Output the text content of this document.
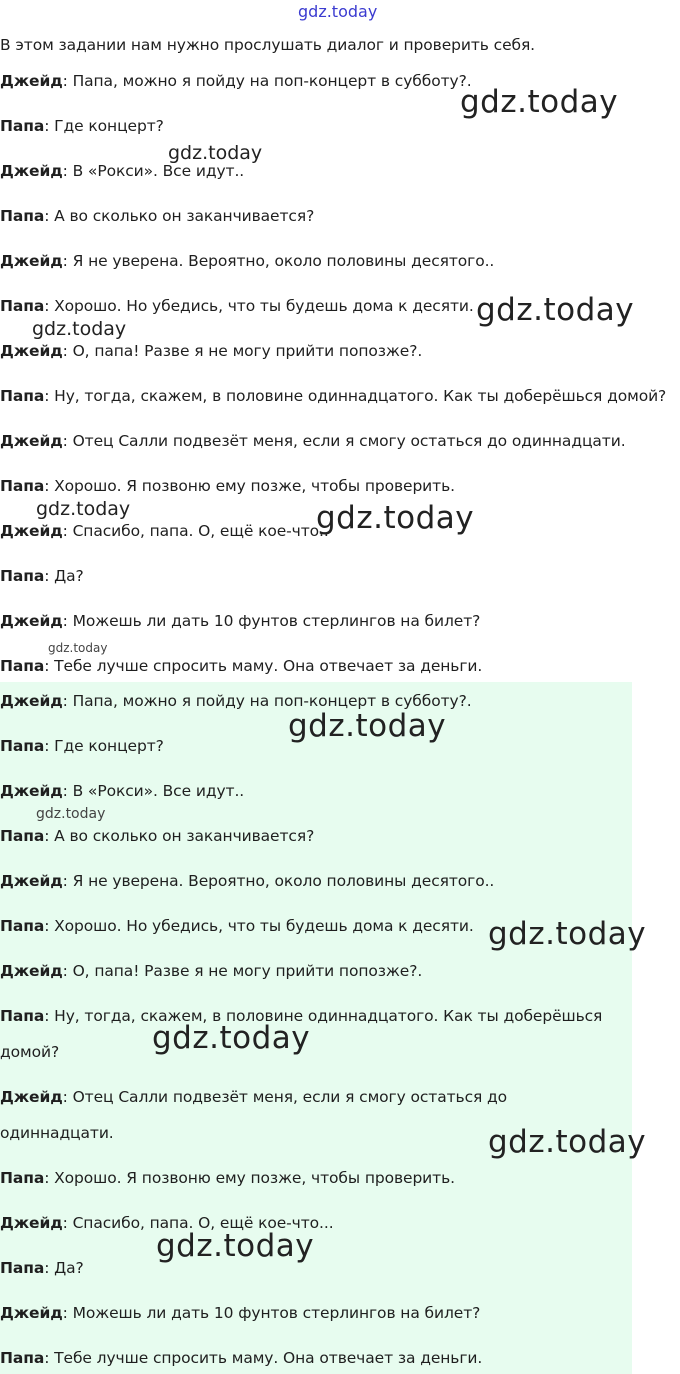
gdz.today
В этом задании нам нужно прослушать диалог и проверить себя.
Джейд: Папа, можно я пойду на поп-концерт в субботу?.
Папа: Где концерт?
Джейд: В «Рокси». Все идут..
Папа: А во сколько он заканчивается?
Джейд: Я не уверена. Вероятно, около половины десятого..
Папа: Хорошо. Но убедись, что ты будешь дома к десяти.
Джейд: О, папа! Разве я не могу прийти попозже?.
Папа: Ну, тогда, скажем, в половине одиннадцатого. Как ты доберёшься домой?
Джейд: Отец Салли подвезёт меня, если я смогу остаться до одиннадцати.
Папа: Хорошо. Я позвоню ему позже, чтобы проверить.
Джейд: Спасибо, папа. О, ещё кое-что..
Папа: Да?
Джейд: Можешь ли дать 10 фунтов стерлингов на билет?
Папа: Тебе лучше спросить маму. Она отвечает за деньги.
Джейд: Папа, можно я пойду на поп-концерт в субботу?.
Папа: Где концерт?
Джейд: В «Рокси». Все идут..
Папа: А во сколько он заканчивается?
Джейд: Я не уверена. Вероятно, около половины десятого..
Папа: Хорошо. Но убедись, что ты будешь дома к десяти.
Джейд: О, папа! Разве я не могу прийти попозже?.
Папа: Ну, тогда, скажем, в половине одиннадцатого. Как ты доберёшься домой?
Джейд: Отец Салли подвезёт меня, если я смогу остаться до одиннадцати.
Папа: Хорошо. Я позвоню ему позже, чтобы проверить.
Джейд: Спасибо, папа. О, ещё кое-что...
Папа: Да?
Джейд: Можешь ли дать 10 фунтов стерлингов на билет?
Папа: Тебе лучше спросить маму. Она отвечает за деньги.
gdz.today
gdz.today
gdz.today
gdz.today
gdz.today	gdz.today
gdz.today
gdz.today
gdz.today
gdz.today
gdz.today
gdz.today
gdz.today
